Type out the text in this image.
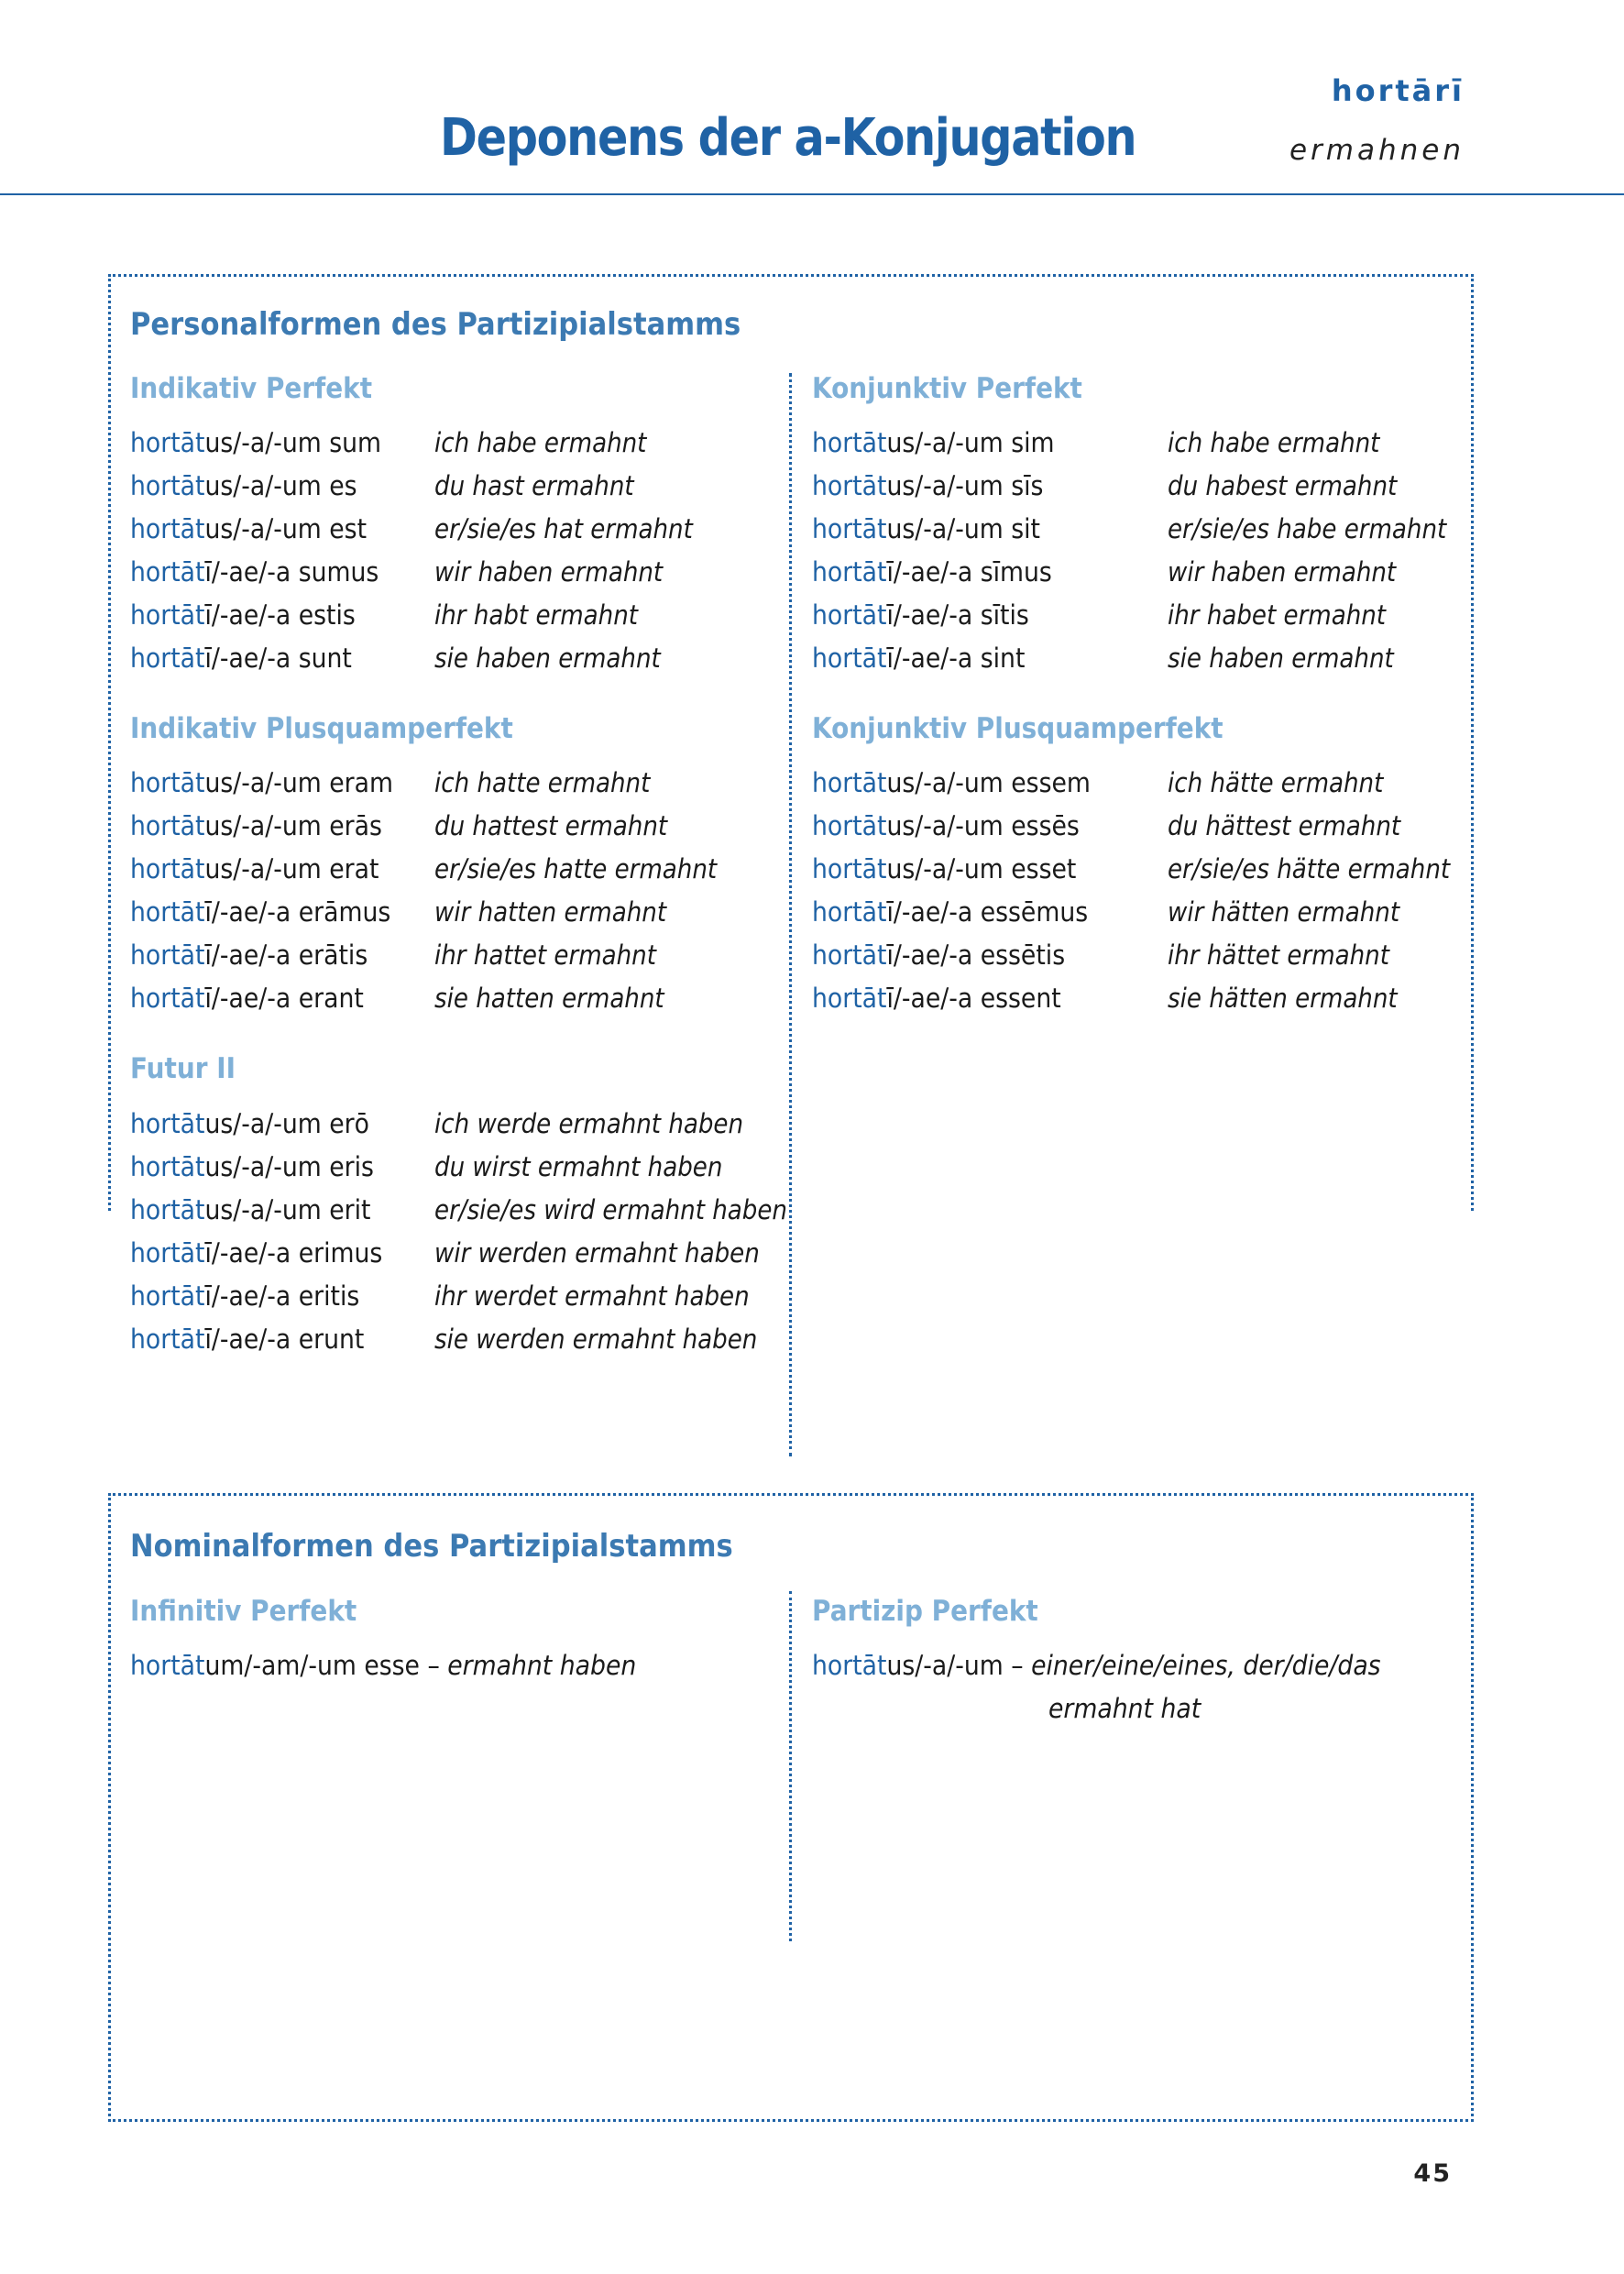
Deponens der a-Konjugation
hortārī
ermahnen
Personalformen des Partizipialstamms
Indikativ Perfekt
hortātus/-a/-um sum ich habe ermahnt
hortātus/-a/-um es	du hast ermahnt
hortātus/-a/-um est	er/sie/es hat ermahnt
hortātī/-ae/-a sumus wir haben ermahnt
hortātī/-ae/-a estis	ihr habt ermahnt
hortātī/-ae/-a sunt	sie haben ermahnt
Indikativ Plusquamperfekt
hortātus/-a/-um eram ich hatte ermahnt
hortātus/-a/-um erās du hattest ermahnt
hortātus/-a/-um erat er/sie/es hatte ermahnt
hortātī/-ae/-a erāmus wir hatten ermahnt
hortātī/-ae/-a erātis	ihr hattet ermahnt
hortātī/-ae/-a erant	sie hatten ermahnt
Futur II
hortātus/-a/-um erō ich werde ermahnt haben
hortātus/-a/-um eris du wirst ermahnt haben
hortātus/-a/-um erit er/sie/es wird ermahnt haben
hortātī/-ae/-a erimus wir werden ermahnt haben
hortātī/-ae/-a eritis	ihr werdet ermahnt haben
hortātī/-ae/-a erunt	sie werden ermahnt haben
Konjunktiv Perfekt
hortātus/-a/-um sim	ich habe ermahnt
hortātus/-a/-um sīs	du habest ermahnt
hortātus/-a/-um sit	er/sie/es habe ermahnt
hortātī/-ae/-a sīmus	wir haben ermahnt
hortātī/-ae/-a sītis	ihr habet ermahnt
hortātī/-ae/-a sint	sie haben ermahnt
Konjunktiv Plusquamperfekt
hortātus/-a/-um essem	ich hätte ermahnt
hortātus/-a/-um essēs	du hättest ermahnt
hortātus/-a/-um esset	er/sie/es hätte ermahnt
hortātī/-ae/-a essēmus	wir hätten ermahnt
hortātī/-ae/-a essētis	ihr hättet ermahnt
hortātī/-ae/-a essent	sie hätten ermahnt
Nominalformen des Partizipialstamms
Infinitiv Perfekt
hortātum/-am/-um esse – ermahnt haben
Partizip Perfekt
hortātus/-a/-um – einer/eine/eines, der/die/das
ermahnt hat
45
